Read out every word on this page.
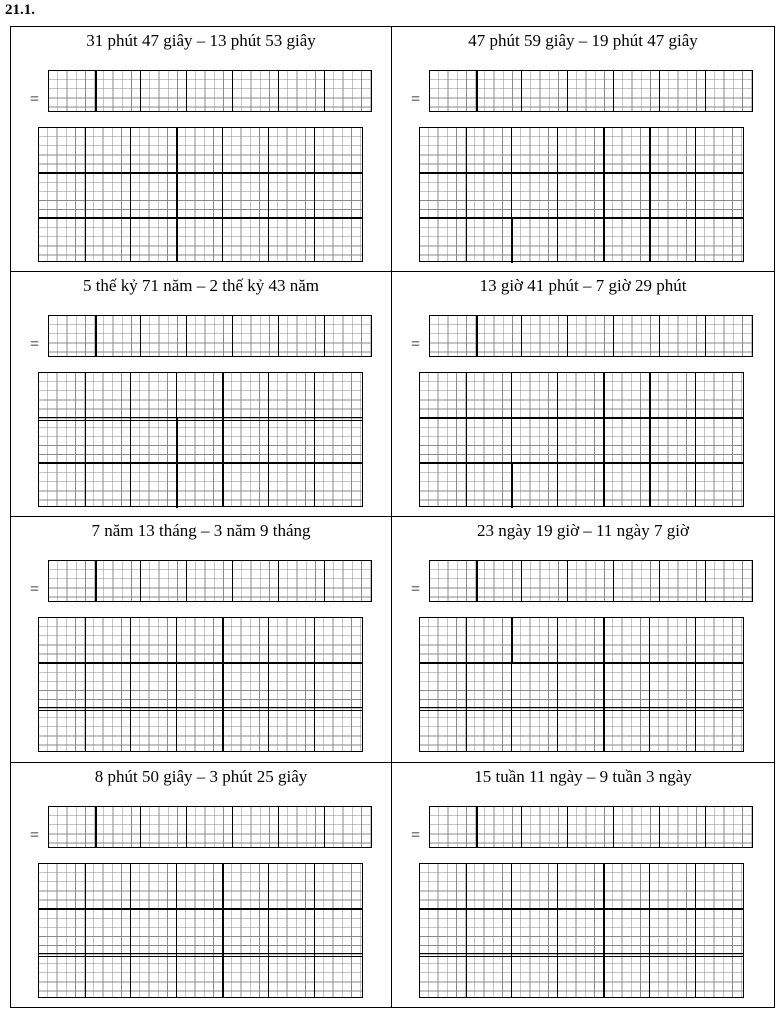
21.1.
31 phút 47 giây – 13 phút 53 giây
=
47 phút 59 giây – 19 phút 47 giây
=
5 thế kỷ 71 năm – 2 thế kỷ 43 năm
=
13 giờ 41 phút – 7 giờ 29 phút
=
7 năm 13 tháng – 3 năm 9 tháng
=
23 ngày 19 giờ – 11 ngày 7 giờ
=
8 phút 50 giây – 3 phút 25 giây
=
15 tuần 11 ngày – 9 tuần 3 ngày
=
